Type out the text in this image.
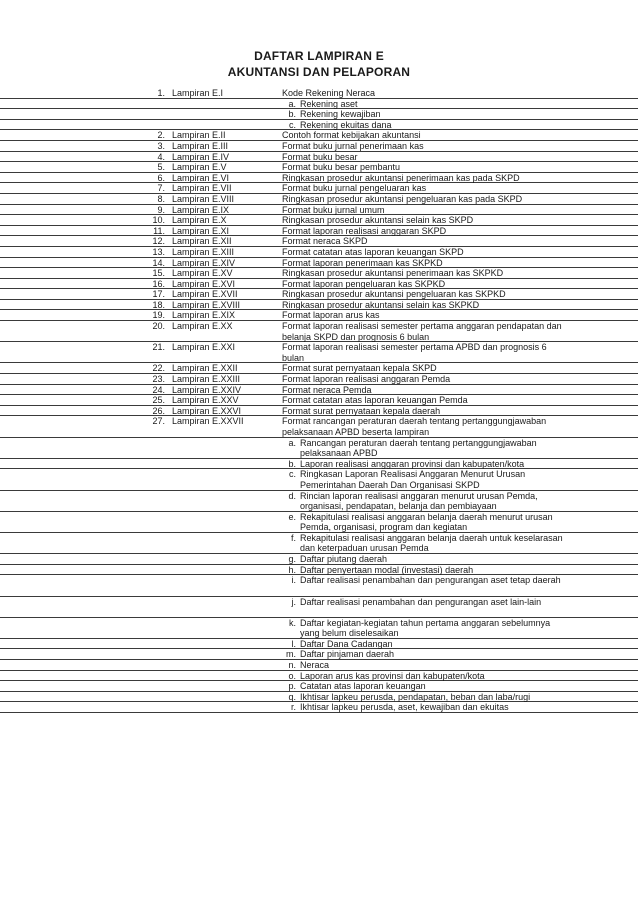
DAFTAR LAMPIRAN E
AKUNTANSI DAN PELAPORAN
1. Lampiran E.I	Kode Rekening Neraca
a. Rekening aset
b. Rekening kewajiban
c. Rekening ekuitas dana
2. Lampiran E.II	Contoh format kebijakan akuntansi
3. Lampiran E.III	Format buku jurnal penerimaan kas
4. Lampiran E.IV	Format buku besar
5. Lampiran E.V	Format buku besar pembantu
6. Lampiran E.VI	Ringkasan prosedur akuntansi penerimaan kas pada SKPD
7. Lampiran E.VII	Format buku jurnal pengeluaran kas
8. Lampiran E.VIII	Ringkasan prosedur akuntansi pengeluaran kas pada SKPD
9. Lampiran E.IX	Format buku jurnal umum
10. Lampiran E.X	Ringkasan prosedur akuntansi selain kas SKPD
11. Lampiran E.XI	Format laporan realisasi anggaran SKPD
12. Lampiran E.XII	Format neraca SKPD
13. Lampiran E.XIII	Format catatan atas laporan keuangan SKPD
14. Lampiran E.XIV	Format laporan penerimaan kas SKPKD
15. Lampiran E.XV	Ringkasan prosedur akuntansi penerimaan kas SKPKD
16. Lampiran E.XVI	Format laporan pengeluaran kas SKPKD
17. Lampiran E.XVII	Ringkasan prosedur akuntansi pengeluaran kas SKPKD
18. Lampiran E.XVIII	Ringkasan prosedur akuntansi selain kas SKPKD
19. Lampiran E.XIX	Format laporan arus kas
20. Lampiran E.XX	Format laporan realisasi semester pertama anggaran pendapatan dan belanja SKPD dan prognosis 6 bulan
21. Lampiran E.XXI	Format laporan realisasi semester pertama APBD dan prognosis 6 bulan
22. Lampiran E.XXII	Format surat pernyataan kepala SKPD
23. Lampiran E.XXIII	Format laporan realisasi anggaran Pemda
24. Lampiran E.XXIV	Format neraca Pemda
25. Lampiran E.XXV	Format catatan atas laporan keuangan Pemda
26. Lampiran E.XXVI	Format surat pernyataan kepala daerah
27. Lampiran E.XXVII	Format rancangan peraturan daerah tentang pertanggungjawaban pelaksanaan APBD beserta lampiran
a. Rancangan peraturan daerah tentang pertanggungjawaban pelaksanaan APBD
b. Laporan realisasi anggaran provinsi dan kabupaten/kota
c. Ringkasan Laporan Realisasi Anggaran Menurut Urusan Pemerintahan Daerah Dan Organisasi SKPD
d. Rincian laporan realisasi anggaran menurut urusan Pemda, organisasi, pendapatan, belanja dan pembiayaan
e. Rekapitulasi realisasi anggaran belanja daerah menurut urusan Pemda, organisasi, program dan kegiatan
f. Rekapitulasi realisasi anggaran belanja daerah untuk keselarasan dan keterpaduan urusan Pemda
g. Daftar piutang daerah
h. Daftar penyertaan modal (investasi) daerah
i. Daftar realisasi penambahan dan pengurangan aset tetap daerah
j. Daftar realisasi penambahan dan pengurangan aset lain-lain
k. Daftar kegiatan-kegiatan tahun pertama anggaran sebelumnya yang belum diselesaikan
l. Daftar Dana Cadangan
m. Daftar pinjaman daerah
n. Neraca
o. Laporan arus kas provinsi dan kabupaten/kota
p. Catatan atas laporan keuangan
q. Ikhtisar lapkeu perusda, pendapatan, beban dan laba/rugi
r. Ikhtisar lapkeu perusda, aset, kewajiban dan ekuitas
